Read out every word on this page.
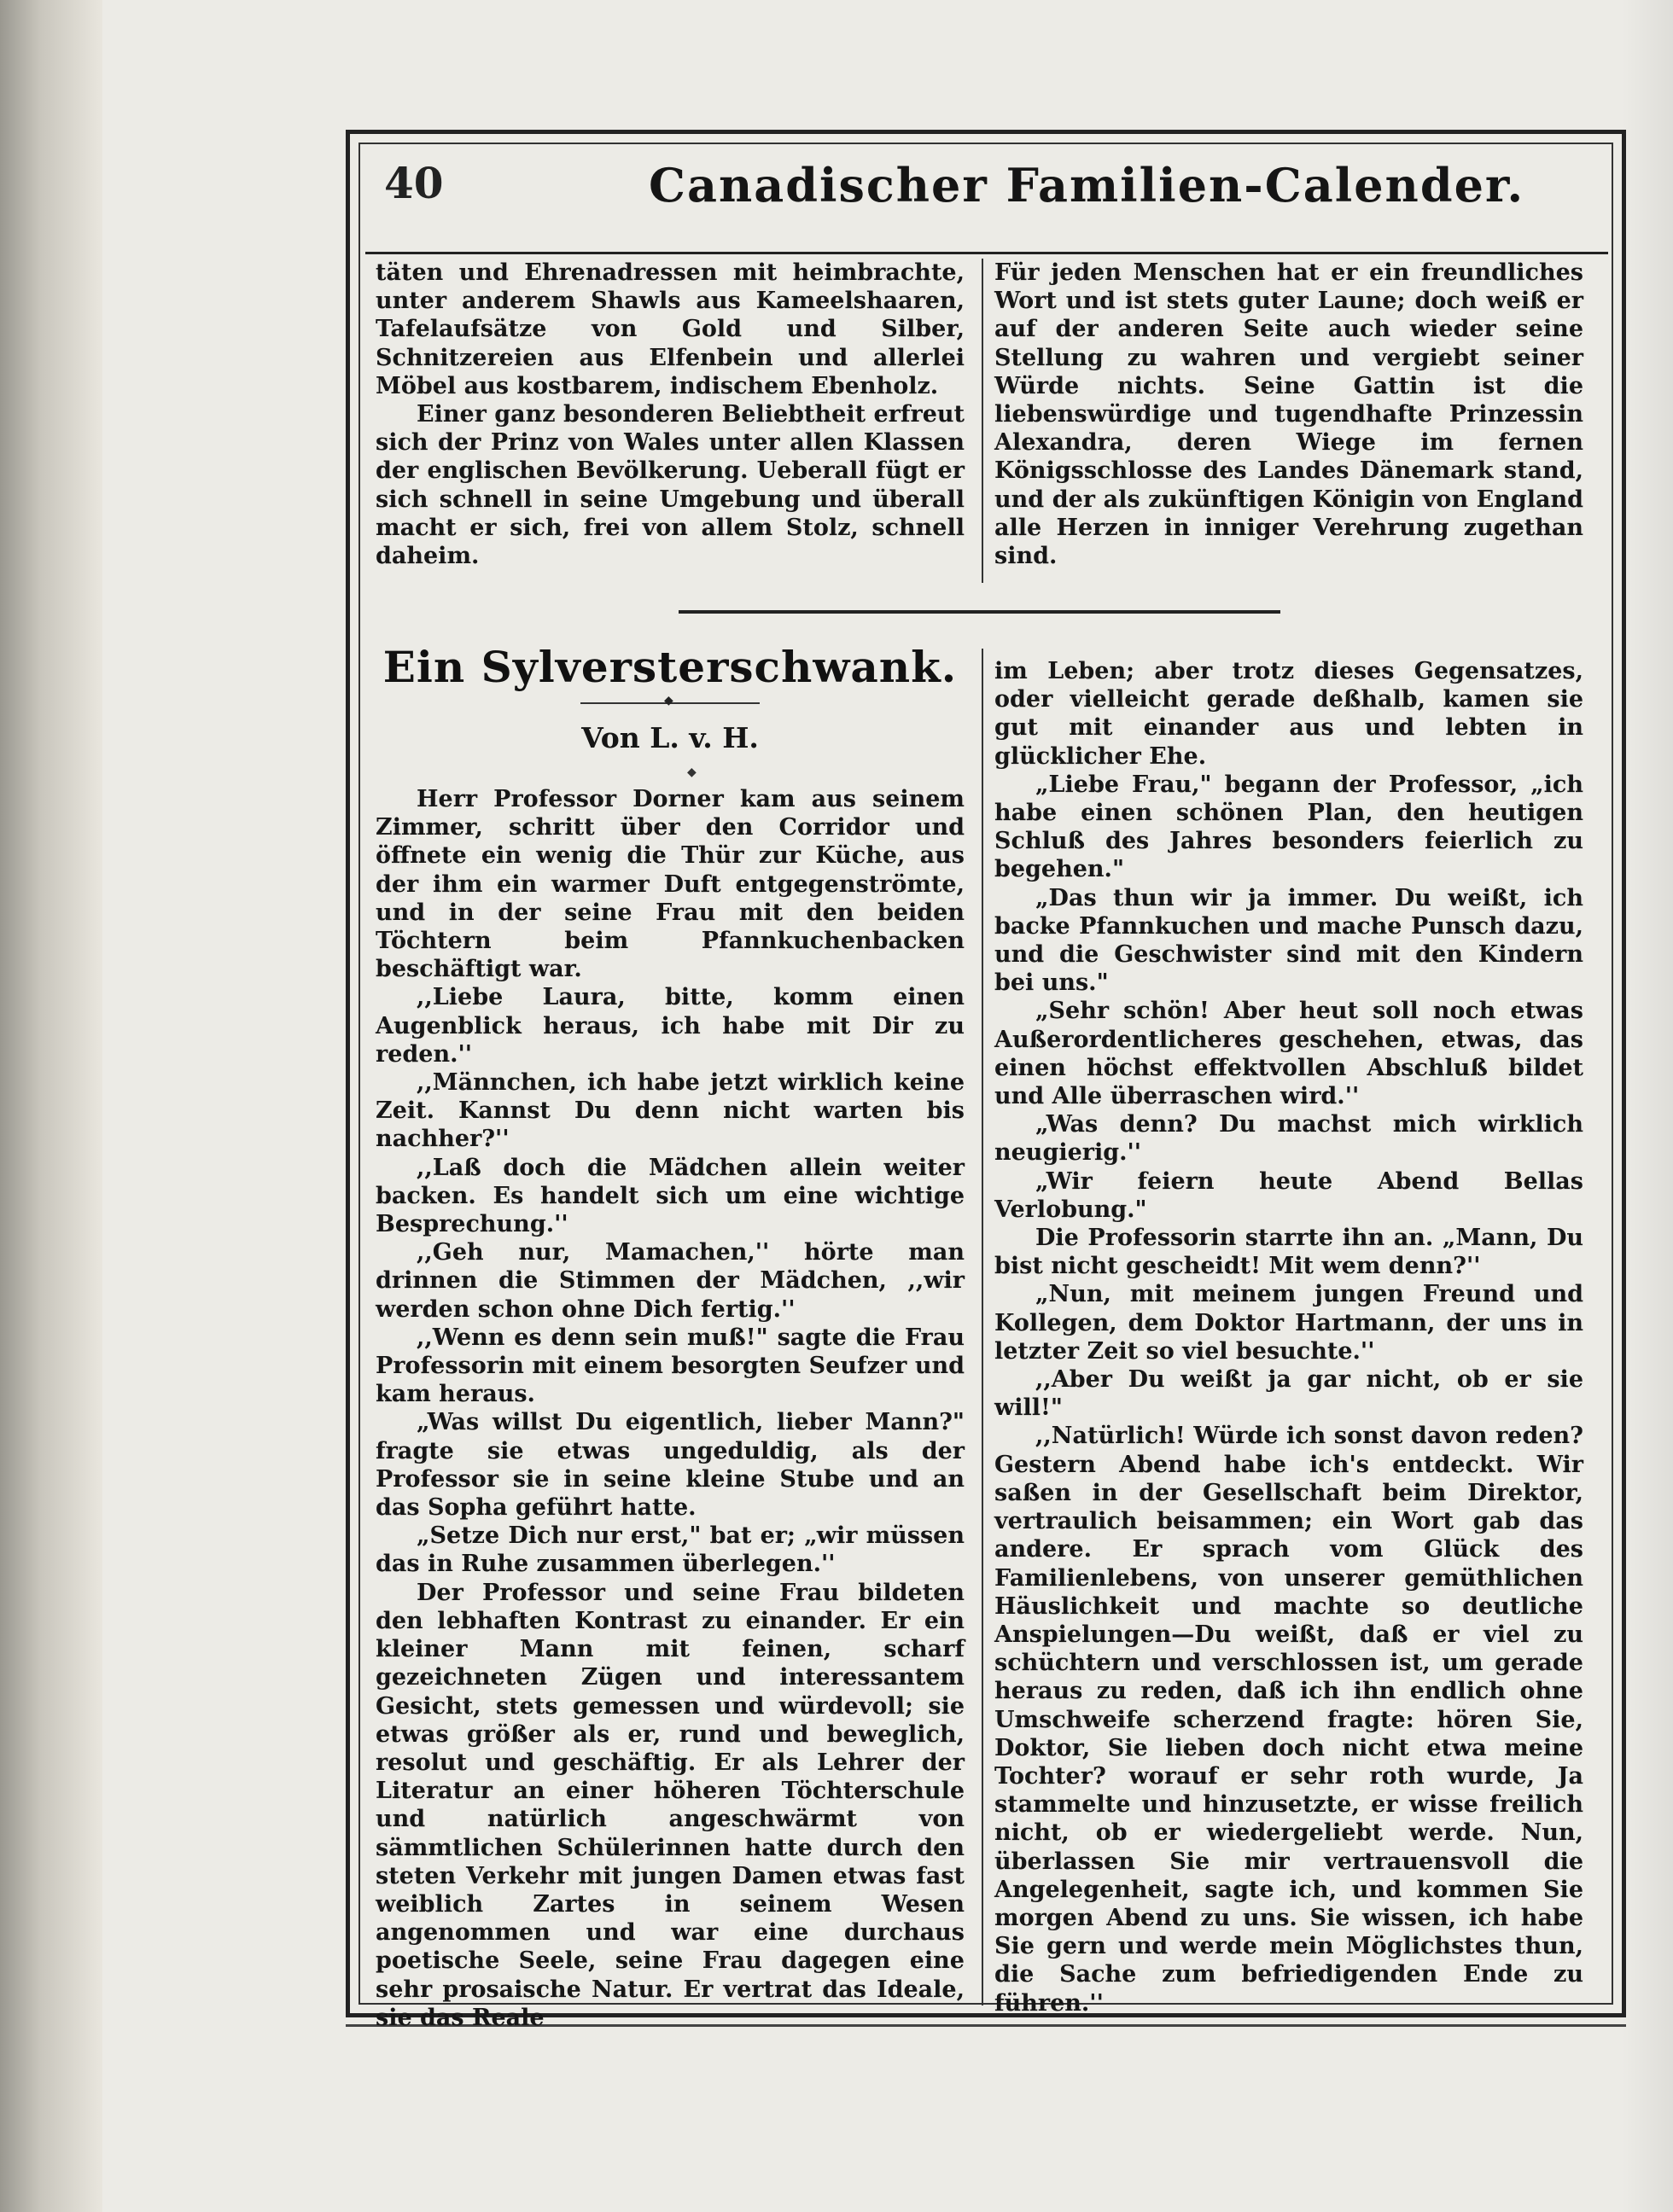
40	Canadischer Familien-Calender.

täten und Ehrenadressen mit heimbrachte, unter anderem Shawls aus Kameelshaaren, Tafelaufsätze von Gold und Silber, Schnitzereien aus Elfenbein und allerlei Möbel aus kostbarem, indischem Ebenholz.

Einer ganz besonderen Beliebtheit erfreut sich der Prinz von Wales unter allen Klassen der englischen Bevölkerung. Ueberall fügt er sich schnell in seine Umgebung und überall macht er sich, frei von allem Stolz, schnell daheim.

Für jeden Menschen hat er ein freundliches Wort und ist stets guter Laune; doch weiß er auf der anderen Seite auch wieder seine Stellung zu wahren und vergiebt seiner Würde nichts. Seine Gattin ist die liebenswürdige und tugendhafte Prinzessin Alexandra, deren Wiege im fernen Königsschlosse des Landes Dänemark stand, und der als zukünftigen Königin von England alle Herzen in inniger Verehrung zugethan sind.

Ein Sylversterschwank.
◆
Von L. v. H.
◆

Herr Professor Dorner kam aus seinem Zimmer, schritt über den Corridor und öffnete ein wenig die Thür zur Küche, aus der ihm ein warmer Duft entgegenströmte, und in der seine Frau mit den beiden Töchtern beim Pfannkuchenbacken beschäftigt war.

,,Liebe Laura, bitte, komm einen Augenblick heraus, ich habe mit Dir zu reden.''

,,Männchen, ich habe jetzt wirklich keine Zeit. Kannst Du denn nicht warten bis nachher?''

,,Laß doch die Mädchen allein weiter backen. Es handelt sich um eine wichtige Besprechung.''

,,Geh nur, Mamachen,'' hörte man drinnen die Stimmen der Mädchen, ,,wir werden schon ohne Dich fertig.''

,,Wenn es denn sein muß!" sagte die Frau Professorin mit einem besorgten Seufzer und kam heraus.

„Was willst Du eigentlich, lieber Mann?" fragte sie etwas ungeduldig, als der Professor sie in seine kleine Stube und an das Sopha geführt hatte.

„Setze Dich nur erst," bat er; „wir müssen das in Ruhe zusammen überlegen.''

Der Professor und seine Frau bildeten den lebhaften Kontrast zu einander. Er ein kleiner Mann mit feinen, scharf gezeichneten Zügen und interessantem Gesicht, stets gemessen und würdevoll; sie etwas größer als er, rund und beweglich, resolut und geschäftig. Er als Lehrer der Literatur an einer höheren Töchterschule und natürlich angeschwärmt von sämmtlichen Schülerinnen hatte durch den steten Verkehr mit jungen Damen etwas fast weiblich Zartes in seinem Wesen angenommen und war eine durchaus poetische Seele, seine Frau dagegen eine sehr prosaische Natur. Er vertrat das Ideale, sie das Reale

im Leben; aber trotz dieses Gegensatzes, oder vielleicht gerade deßhalb, kamen sie gut mit einander aus und lebten in glücklicher Ehe.

„Liebe Frau," begann der Professor, „ich habe einen schönen Plan, den heutigen Schluß des Jahres besonders feierlich zu begehen."

„Das thun wir ja immer. Du weißt, ich backe Pfannkuchen und mache Punsch dazu, und die Geschwister sind mit den Kindern bei uns."

„Sehr schön! Aber heut soll noch etwas Außerordentlicheres geschehen, etwas, das einen höchst effektvollen Abschluß bildet und Alle überraschen wird.''

„Was denn? Du machst mich wirklich neugierig.''

„Wir feiern heute Abend Bellas Verlobung."

Die Professorin starrte ihn an. „Mann, Du bist nicht gescheidt! Mit wem denn?''

„Nun, mit meinem jungen Freund und Kollegen, dem Doktor Hartmann, der uns in letzter Zeit so viel besuchte.''

,,Aber Du weißt ja gar nicht, ob er sie will!"

,,Natürlich! Würde ich sonst davon reden? Gestern Abend habe ich's entdeckt. Wir saßen in der Gesellschaft beim Direktor, vertraulich beisammen; ein Wort gab das andere. Er sprach vom Glück des Familienlebens, von unserer gemüthlichen Häuslichkeit und machte so deutliche Anspielungen—Du weißt, daß er viel zu schüchtern und verschlossen ist, um gerade heraus zu reden, daß ich ihn endlich ohne Umschweife scherzend fragte: hören Sie, Doktor, Sie lieben doch nicht etwa meine Tochter? worauf er sehr roth wurde, Ja stammelte und hinzusetzte, er wisse freilich nicht, ob er wiedergeliebt werde. Nun, überlassen Sie mir vertrauensvoll die Angelegenheit, sagte ich, und kommen Sie morgen Abend zu uns. Sie wissen, ich habe Sie gern und werde mein Möglichstes thun, die Sache zum befriedigenden Ende zu führen.''
